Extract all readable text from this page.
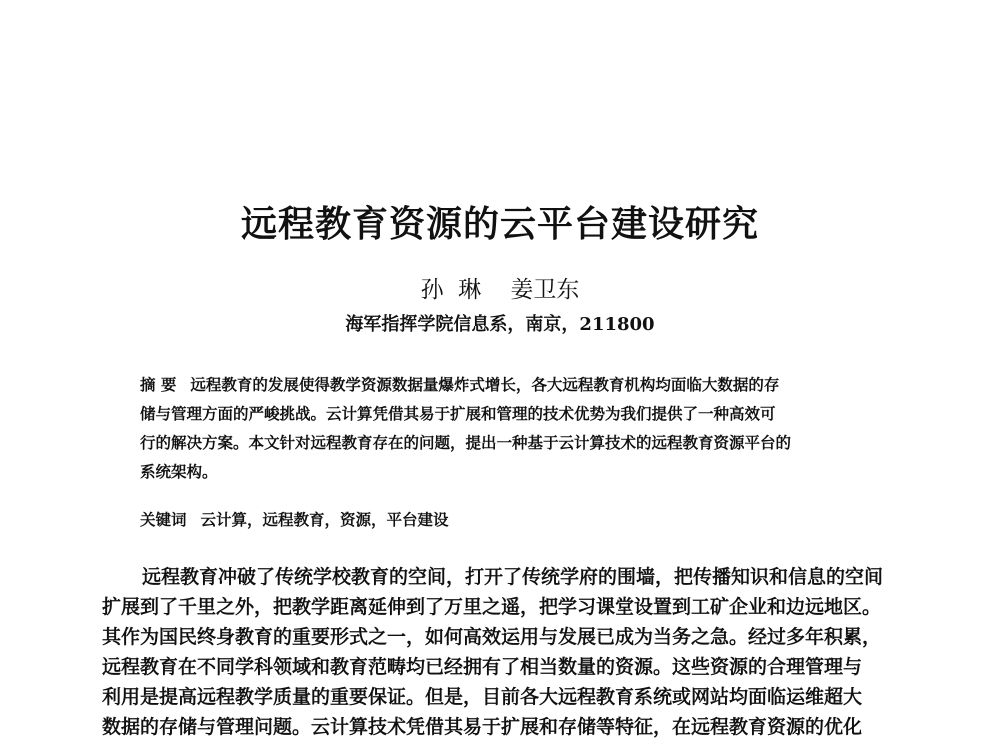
远程教育资源的云平台建设研究
孙  琳    姜卫东
海军指挥学院信息系，南京，211800
摘 要 远程教育的发展使得教学资源数据量爆炸式增长，各大远程教育机构均面临大数据的存
储与管理方面的严峻挑战。云计算凭借其易于扩展和管理的技术优势为我们提供了一种高效可
行的解决方案。本文针对远程教育存在的问题，提出一种基于云计算技术的远程教育资源平台的
系统架构。
关键词 云计算，远程教育，资源，平台建设
远程教育冲破了传统学校教育的空间，打开了传统学府的围墙，把传播知识和信息的空间
扩展到了千里之外，把教学距离延伸到了万里之遥，把学习课堂设置到工矿企业和边远地区。
其作为国民终身教育的重要形式之一，如何高效运用与发展已成为当务之急。经过多年积累，
远程教育在不同学科领域和教育范畴均已经拥有了相当数量的资源。这些资源的合理管理与
利用是提高远程教学质量的重要保证。但是，目前各大远程教育系统或网站均面临运维超大
数据的存储与管理问题。云计算技术凭借其易于扩展和存储等特征，在远程教育资源的优化
